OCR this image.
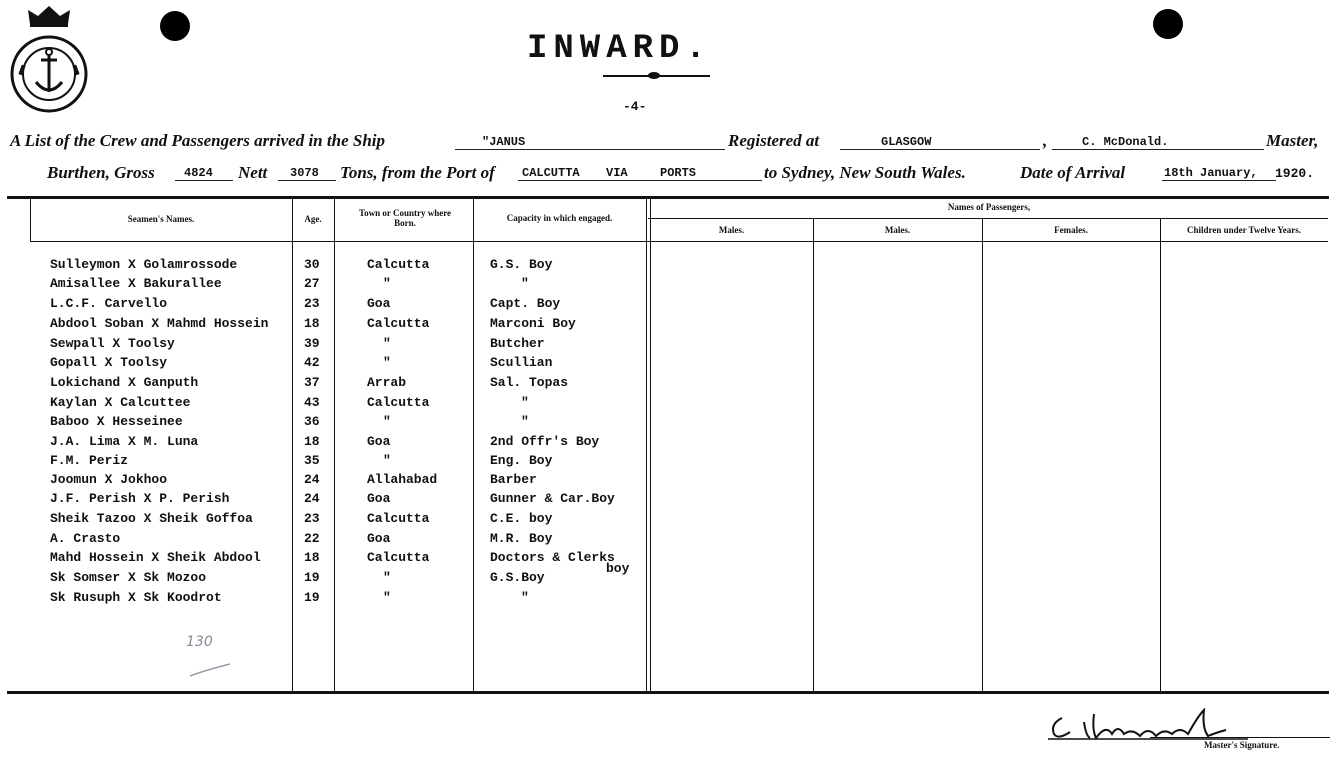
INWARD.
-4-
A List of the Crew and Passengers arrived in the Ship	"JANUS	Registered at	GLASGOW	,	C. McDonald.	Master,
Burthen, Gross 4824 Nett 3078 Tons, from the Port of CALCUTTA VIA	PORTS	to Sydney, New South Wales.	Date of Arrival	18th January, 1920.
Seamen's Names.	Age.
Town or Country where Born.	Capacity in which engaged.
Names of Passengers,
Males.	Males.	Females.	Children under Twelve Years.
Sulleymon X Golamrossode	30	Calcutta	G.S. Boy
Amisallee X Bakurallee	27	"	"
L.C.F. Carvello	23	Goa	Capt. Boy
Abdool Soban X Mahmd Hossein	18	Calcutta	Marconi Boy
Sewpall X Toolsy	39	"	Butcher
Gopall X Toolsy	42	"	Scullian
Lokichand X Ganputh	37	Arrab	Sal. Topas
Kaylan X Calcuttee	43	Calcutta	"
Baboo X Hesseinee	36	"	"
J.A. Lima X M. Luna	18	Goa	2nd Offr's Boy
F.M. Periz	35	"	Eng. Boy
Joomun X Jokhoo	24	Allahabad	Barber
J.F. Perish X P. Perish	24	Goa	Gunner & Car.Boy
Sheik Tazoo X Sheik Goffoa	23	Calcutta	C.E. boy
A. Crasto	22	Goa	M.R. Boy
Mahd Hossein X Sheik Abdool	18	Calcutta	Doctors & Clerks
Sk Somser X Sk Mozoo	19	"	G.S.Boy
Sk Rusuph X Sk Koodrot	19	"	"
boy
130
Master's Signature.
